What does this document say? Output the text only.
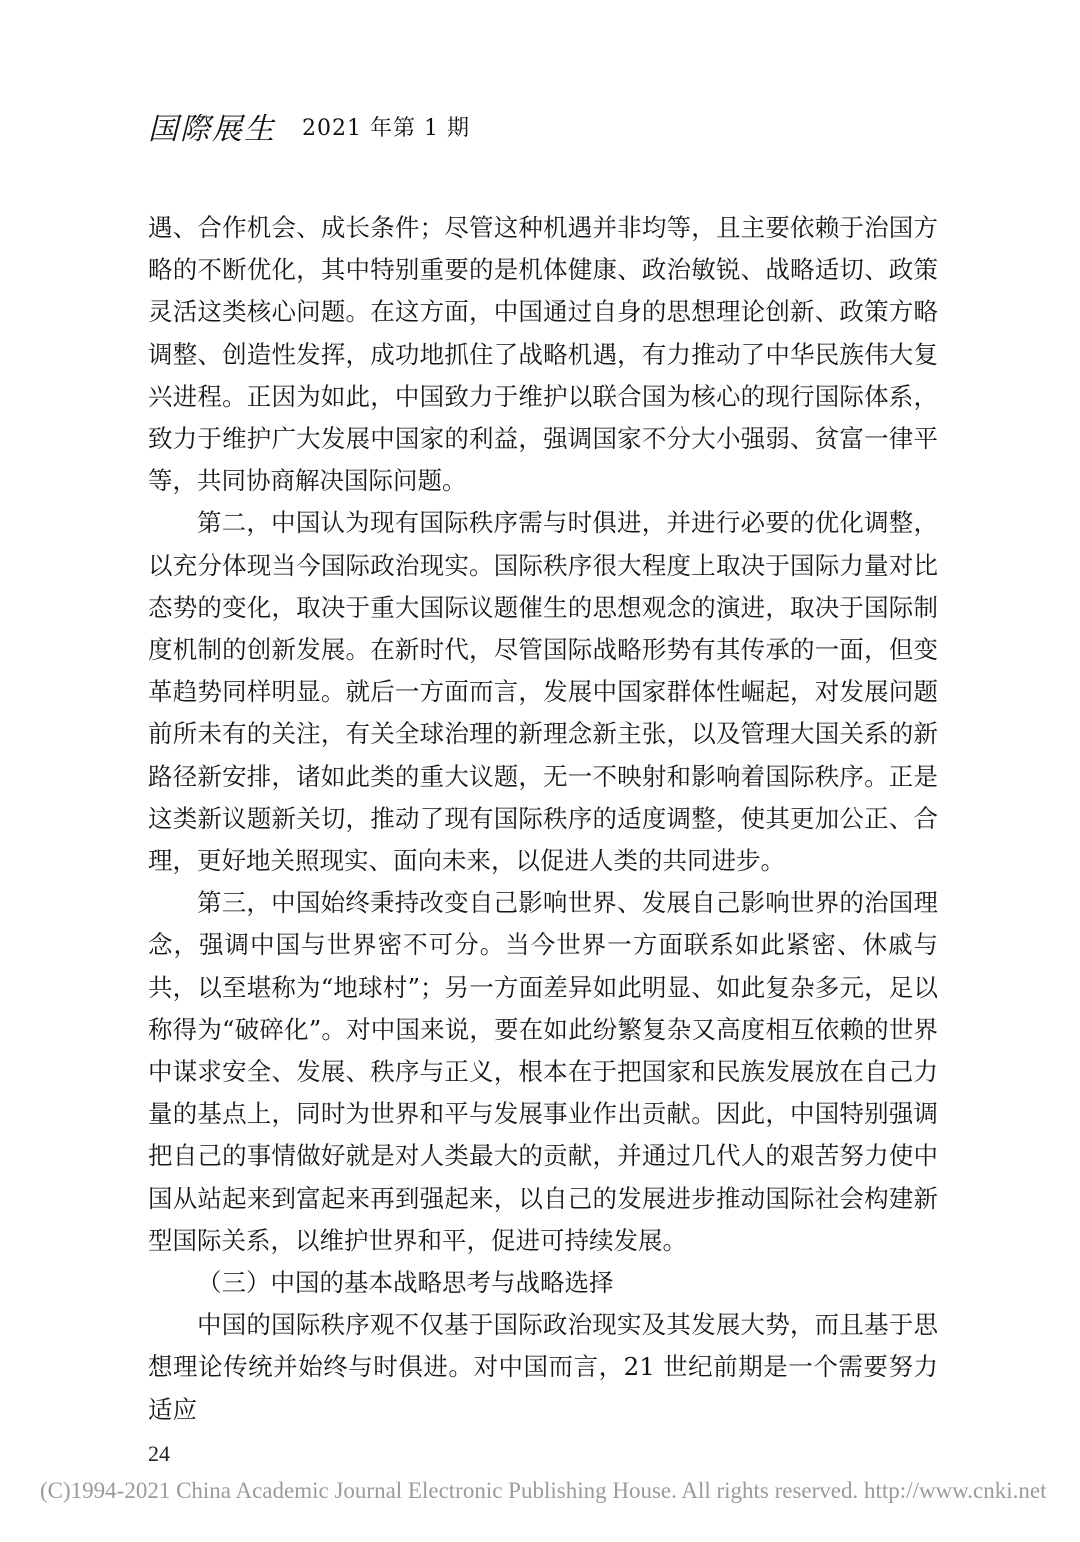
国際展生 2021 年第 1 期

遇、合作机会、成长条件；尽管这种机遇并非均等，且主要依赖于治国方略的不断优化，其中特别重要的是机体健康、政治敏锐、战略适切、政策灵活这类核心问题。在这方面，中国通过自身的思想理论创新、政策方略调整、创造性发挥，成功地抓住了战略机遇，有力推动了中华民族伟大复兴进程。正因为如此，中国致力于维护以联合国为核心的现行国际体系，致力于维护广大发展中国家的利益，强调国家不分大小强弱、贫富一律平等，共同协商解决国际问题。

第二，中国认为现有国际秩序需与时俱进，并进行必要的优化调整，以充分体现当今国际政治现实。国际秩序很大程度上取决于国际力量对比态势的变化，取决于重大国际议题催生的思想观念的演进，取决于国际制度机制的创新发展。在新时代，尽管国际战略形势有其传承的一面，但变革趋势同样明显。就后一方面而言，发展中国家群体性崛起，对发展问题前所未有的关注，有关全球治理的新理念新主张，以及管理大国关系的新路径新安排，诸如此类的重大议题，无一不映射和影响着国际秩序。正是这类新议题新关切，推动了现有国际秩序的适度调整，使其更加公正、合理，更好地关照现实、面向未来，以促进人类的共同进步。

第三，中国始终秉持改变自己影响世界、发展自己影响世界的治国理念，强调中国与世界密不可分。当今世界一方面联系如此紧密、休戚与共，以至堪称为“地球村”；另一方面差异如此明显、如此复杂多元，足以称得为“破碎化”。对中国来说，要在如此纷繁复杂又高度相互依赖的世界中谋求安全、发展、秩序与正义，根本在于把国家和民族发展放在自己力量的基点上，同时为世界和平与发展事业作出贡献。因此，中国特别强调把自己的事情做好就是对人类最大的贡献，并通过几代人的艰苦努力使中国从站起来到富起来再到强起来，以自己的发展进步推动国际社会构建新型国际关系，以维护世界和平，促进可持续发展。

（三）中国的基本战略思考与战略选择

中国的国际秩序观不仅基于国际政治现实及其发展大势，而且基于思想理论传统并始终与时俱进。对中国而言，21 世纪前期是一个需要努力适应

24
(C)1994-2021 China Academic Journal Electronic Publishing House. All rights reserved. http://www.cnki.net
